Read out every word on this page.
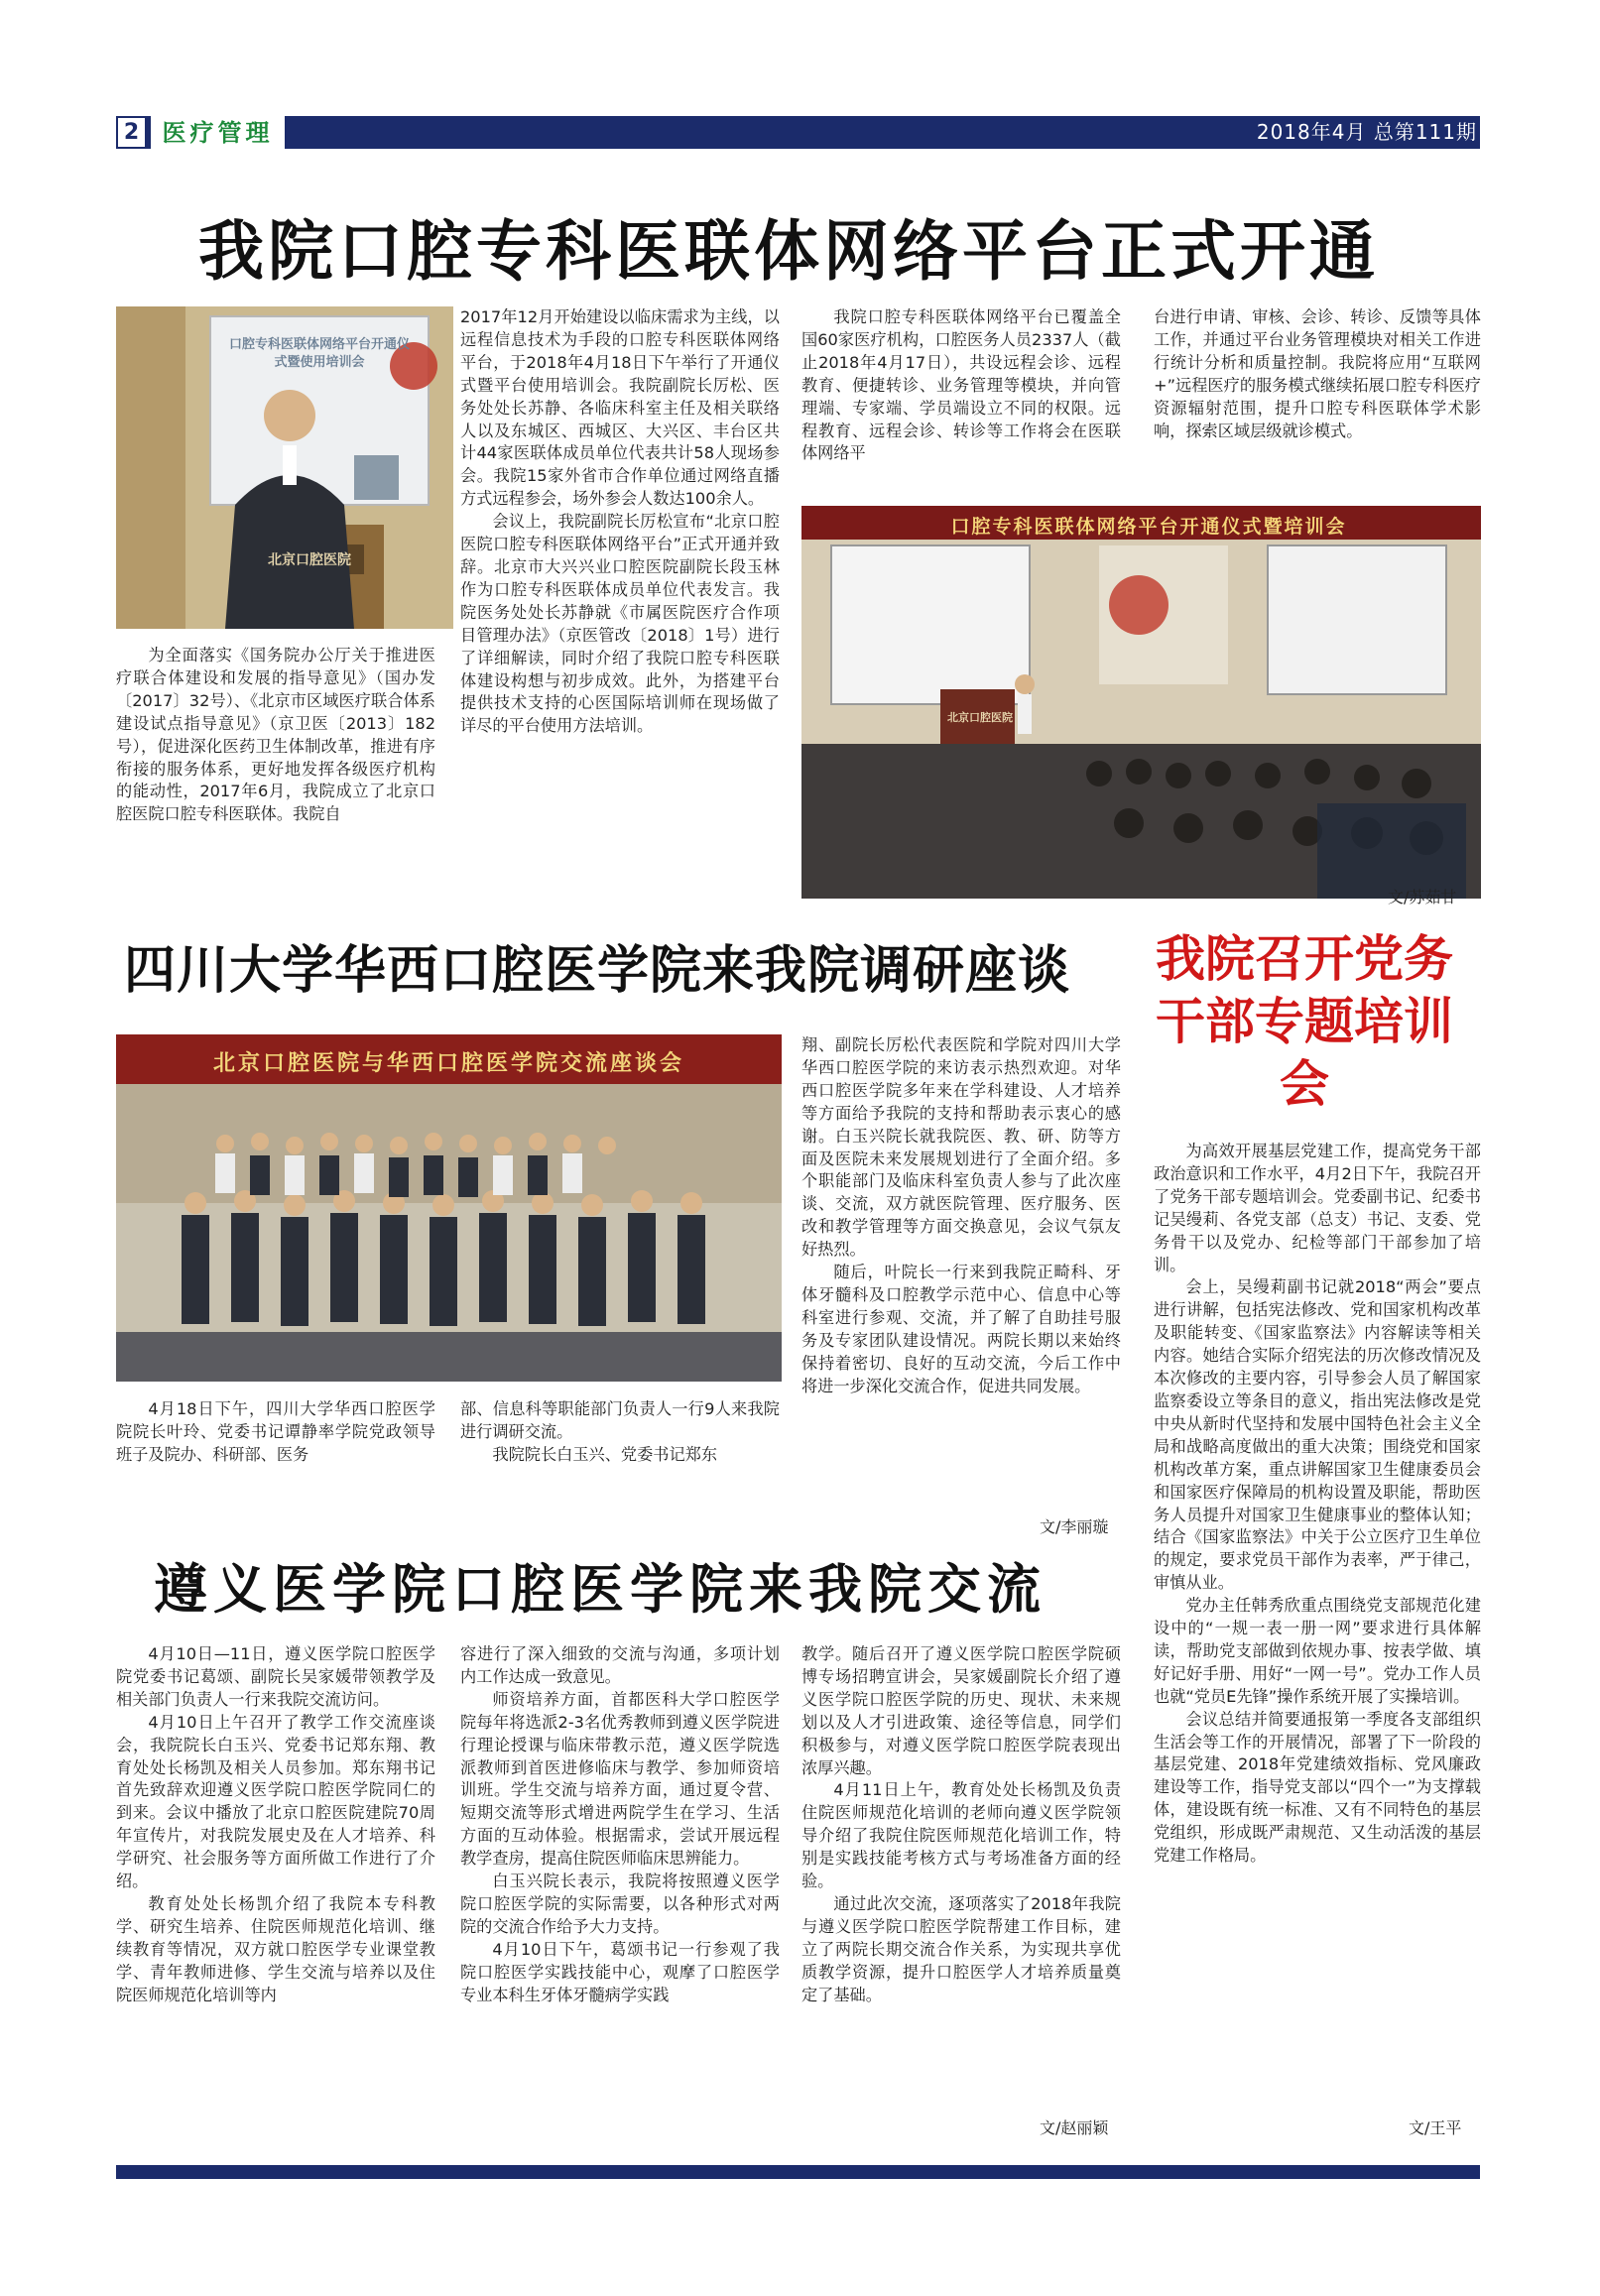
2 医疗管理	2018年4月 总第111期
我院口腔专科医联体网络平台正式开通
口腔专科医联体网络平台开通仪式暨使用培训会
北京口腔医院

为全面落实《国务院办公厅关于推进医疗联合体建设和发展的指导意见》（国办发〔2017〕32号）、《北京市区域医疗联合体系建设试点指导意见》（京卫医〔2013〕182号），促进深化医药卫生体制改革，推进有序衔接的服务体系，更好地发挥各级医疗机构的能动性，2017年6月，我院成立了北京口腔医院口腔专科医联体。我院自

2017年12月开始建设以临床需求为主线，以远程信息技术为手段的口腔专科医联体网络平台，于2018年4月18日下午举行了开通仪式暨平台使用培训会。我院副院长厉松、医务处处长苏静、各临床科室主任及相关联络人以及东城区、西城区、大兴区、丰台区共计44家医联体成员单位代表共计58人现场参会。我院15家外省市合作单位通过网络直播方式远程参会，场外参会人数达100余人。

会议上，我院副院长厉松宣布“北京口腔医院口腔专科医联体网络平台”正式开通并致辞。北京市大兴兴业口腔医院副院长段玉林作为口腔专科医联体成员单位代表发言。我院医务处处长苏静就《市属医院医疗合作项目管理办法》（京医管改〔2018〕1号）进行了详细解读，同时介绍了我院口腔专科医联体建设构想与初步成效。此外，为搭建平台提供技术支持的心医国际培训师在现场做了详尽的平台使用方法培训。

我院口腔专科医联体网络平台已覆盖全国60家医疗机构，口腔医务人员2337人（截止2018年4月17日），共设远程会诊、远程教育、便捷转诊、业务管理等模块，并向管理端、专家端、学员端设立不同的权限。远程教育、远程会诊、转诊等工作将会在医联体网络平

台进行申请、审核、会诊、转诊、反馈等具体工作，并通过平台业务管理模块对相关工作进行统计分析和质量控制。我院将应用“互联网+”远程医疗的服务模式继续拓展口腔专科医疗资源辐射范围，提升口腔专科医联体学术影响，探索区域层级就诊模式。

口腔专科医联体网络平台开通仪式暨培训会
北京口腔医院
文/苏茹甘
四川大学华西口腔医学院来我院调研座谈
北京口腔医院与华西口腔医学院交流座谈会

4月18日下午，四川大学华西口腔医学院院长叶玲、党委书记谭静率学院党政领导班子及院办、科研部、医务

部、信息科等职能部门负责人一行9人来我院进行调研交流。

我院院长白玉兴、党委书记郑东

翔、副院长厉松代表医院和学院对四川大学华西口腔医学院的来访表示热烈欢迎。对华西口腔医学院多年来在学科建设、人才培养等方面给予我院的支持和帮助表示衷心的感谢。白玉兴院长就我院医、教、研、防等方面及医院未来发展规划进行了全面介绍。多个职能部门及临床科室负责人参与了此次座谈、交流，双方就医院管理、医疗服务、医改和教学管理等方面交换意见，会议气氛友好热烈。

随后，叶院长一行来到我院正畸科、牙体牙髓科及口腔教学示范中心、信息中心等科室进行参观、交流，并了解了自助挂号服务及专家团队建设情况。两院长期以来始终保持着密切、良好的互动交流，今后工作中将进一步深化交流合作，促进共同发展。

文/李丽璇
遵义医学院口腔医学院来我院交流

4月10日—11日，遵义医学院口腔医学院党委书记葛颂、副院长吴家媛带领教学及相关部门负责人一行来我院交流访问。

4月10日上午召开了教学工作交流座谈会，我院院长白玉兴、党委书记郑东翔、教育处处长杨凯及相关人员参加。郑东翔书记首先致辞欢迎遵义医学院口腔医学院同仁的到来。会议中播放了北京口腔医院建院70周年宣传片，对我院发展史及在人才培养、科学研究、社会服务等方面所做工作进行了介绍。

教育处处长杨凯介绍了我院本专科教学、研究生培养、住院医师规范化培训、继续教育等情况，双方就口腔医学专业课堂教学、青年教师进修、学生交流与培养以及住院医师规范化培训等内

容进行了深入细致的交流与沟通，多项计划内工作达成一致意见。

师资培养方面，首都医科大学口腔医学院每年将选派2-3名优秀教师到遵义医学院进行理论授课与临床带教示范，遵义医学院选派教师到首医进修临床与教学、参加师资培训班。学生交流与培养方面，通过夏令营、短期交流等形式增进两院学生在学习、生活方面的互动体验。根据需求，尝试开展远程教学查房，提高住院医师临床思辨能力。

白玉兴院长表示，我院将按照遵义医学院口腔医学院的实际需要，以各种形式对两院的交流合作给予大力支持。

4月10日下午，葛颂书记一行参观了我院口腔医学实践技能中心，观摩了口腔医学专业本科生牙体牙髓病学实践

教学。随后召开了遵义医学院口腔医学院硕博专场招聘宣讲会，吴家媛副院长介绍了遵义医学院口腔医学院的历史、现状、未来规划以及人才引进政策、途径等信息，同学们积极参与，对遵义医学院口腔医学院表现出浓厚兴趣。

4月11日上午，教育处处长杨凯及负责住院医师规范化培训的老师向遵义医学院领导介绍了我院住院医师规范化培训工作，特别是实践技能考核方式与考场准备方面的经验。

通过此次交流，逐项落实了2018年我院与遵义医学院口腔医学院帮建工作目标，建立了两院长期交流合作关系，为实现共享优质教学资源，提升口腔医学人才培养质量奠定了基础。

文/赵丽颖
我院召开党务干部专题培训会

为高效开展基层党建工作，提高党务干部政治意识和工作水平，4月2日下午，我院召开了党务干部专题培训会。党委副书记、纪委书记吴缦莉、各党支部（总支）书记、支委、党务骨干以及党办、纪检等部门干部参加了培训。

会上，吴缦莉副书记就2018“两会”要点进行讲解，包括宪法修改、党和国家机构改革及职能转变、《国家监察法》内容解读等相关内容。她结合实际介绍宪法的历次修改情况及本次修改的主要内容，引导参会人员了解国家监察委设立等条目的意义，指出宪法修改是党中央从新时代坚持和发展中国特色社会主义全局和战略高度做出的重大决策；围绕党和国家机构改革方案，重点讲解国家卫生健康委员会和国家医疗保障局的机构设置及职能，帮助医务人员提升对国家卫生健康事业的整体认知；结合《国家监察法》中关于公立医疗卫生单位的规定，要求党员干部作为表率，严于律己，审慎从业。

党办主任韩秀欣重点围绕党支部规范化建设中的“一规一表一册一网”要求进行具体解读，帮助党支部做到依规办事、按表学做、填好记好手册、用好“一网一号”。党办工作人员也就“党员E先锋”操作系统开展了实操培训。

会议总结并简要通报第一季度各支部组织生活会等工作的开展情况，部署了下一阶段的基层党建、2018年党建绩效指标、党风廉政建设等工作，指导党支部以“四个一”为支撑载体，建设既有统一标准、又有不同特色的基层党组织，形成既严肃规范、又生动活泼的基层党建工作格局。

文/王平
